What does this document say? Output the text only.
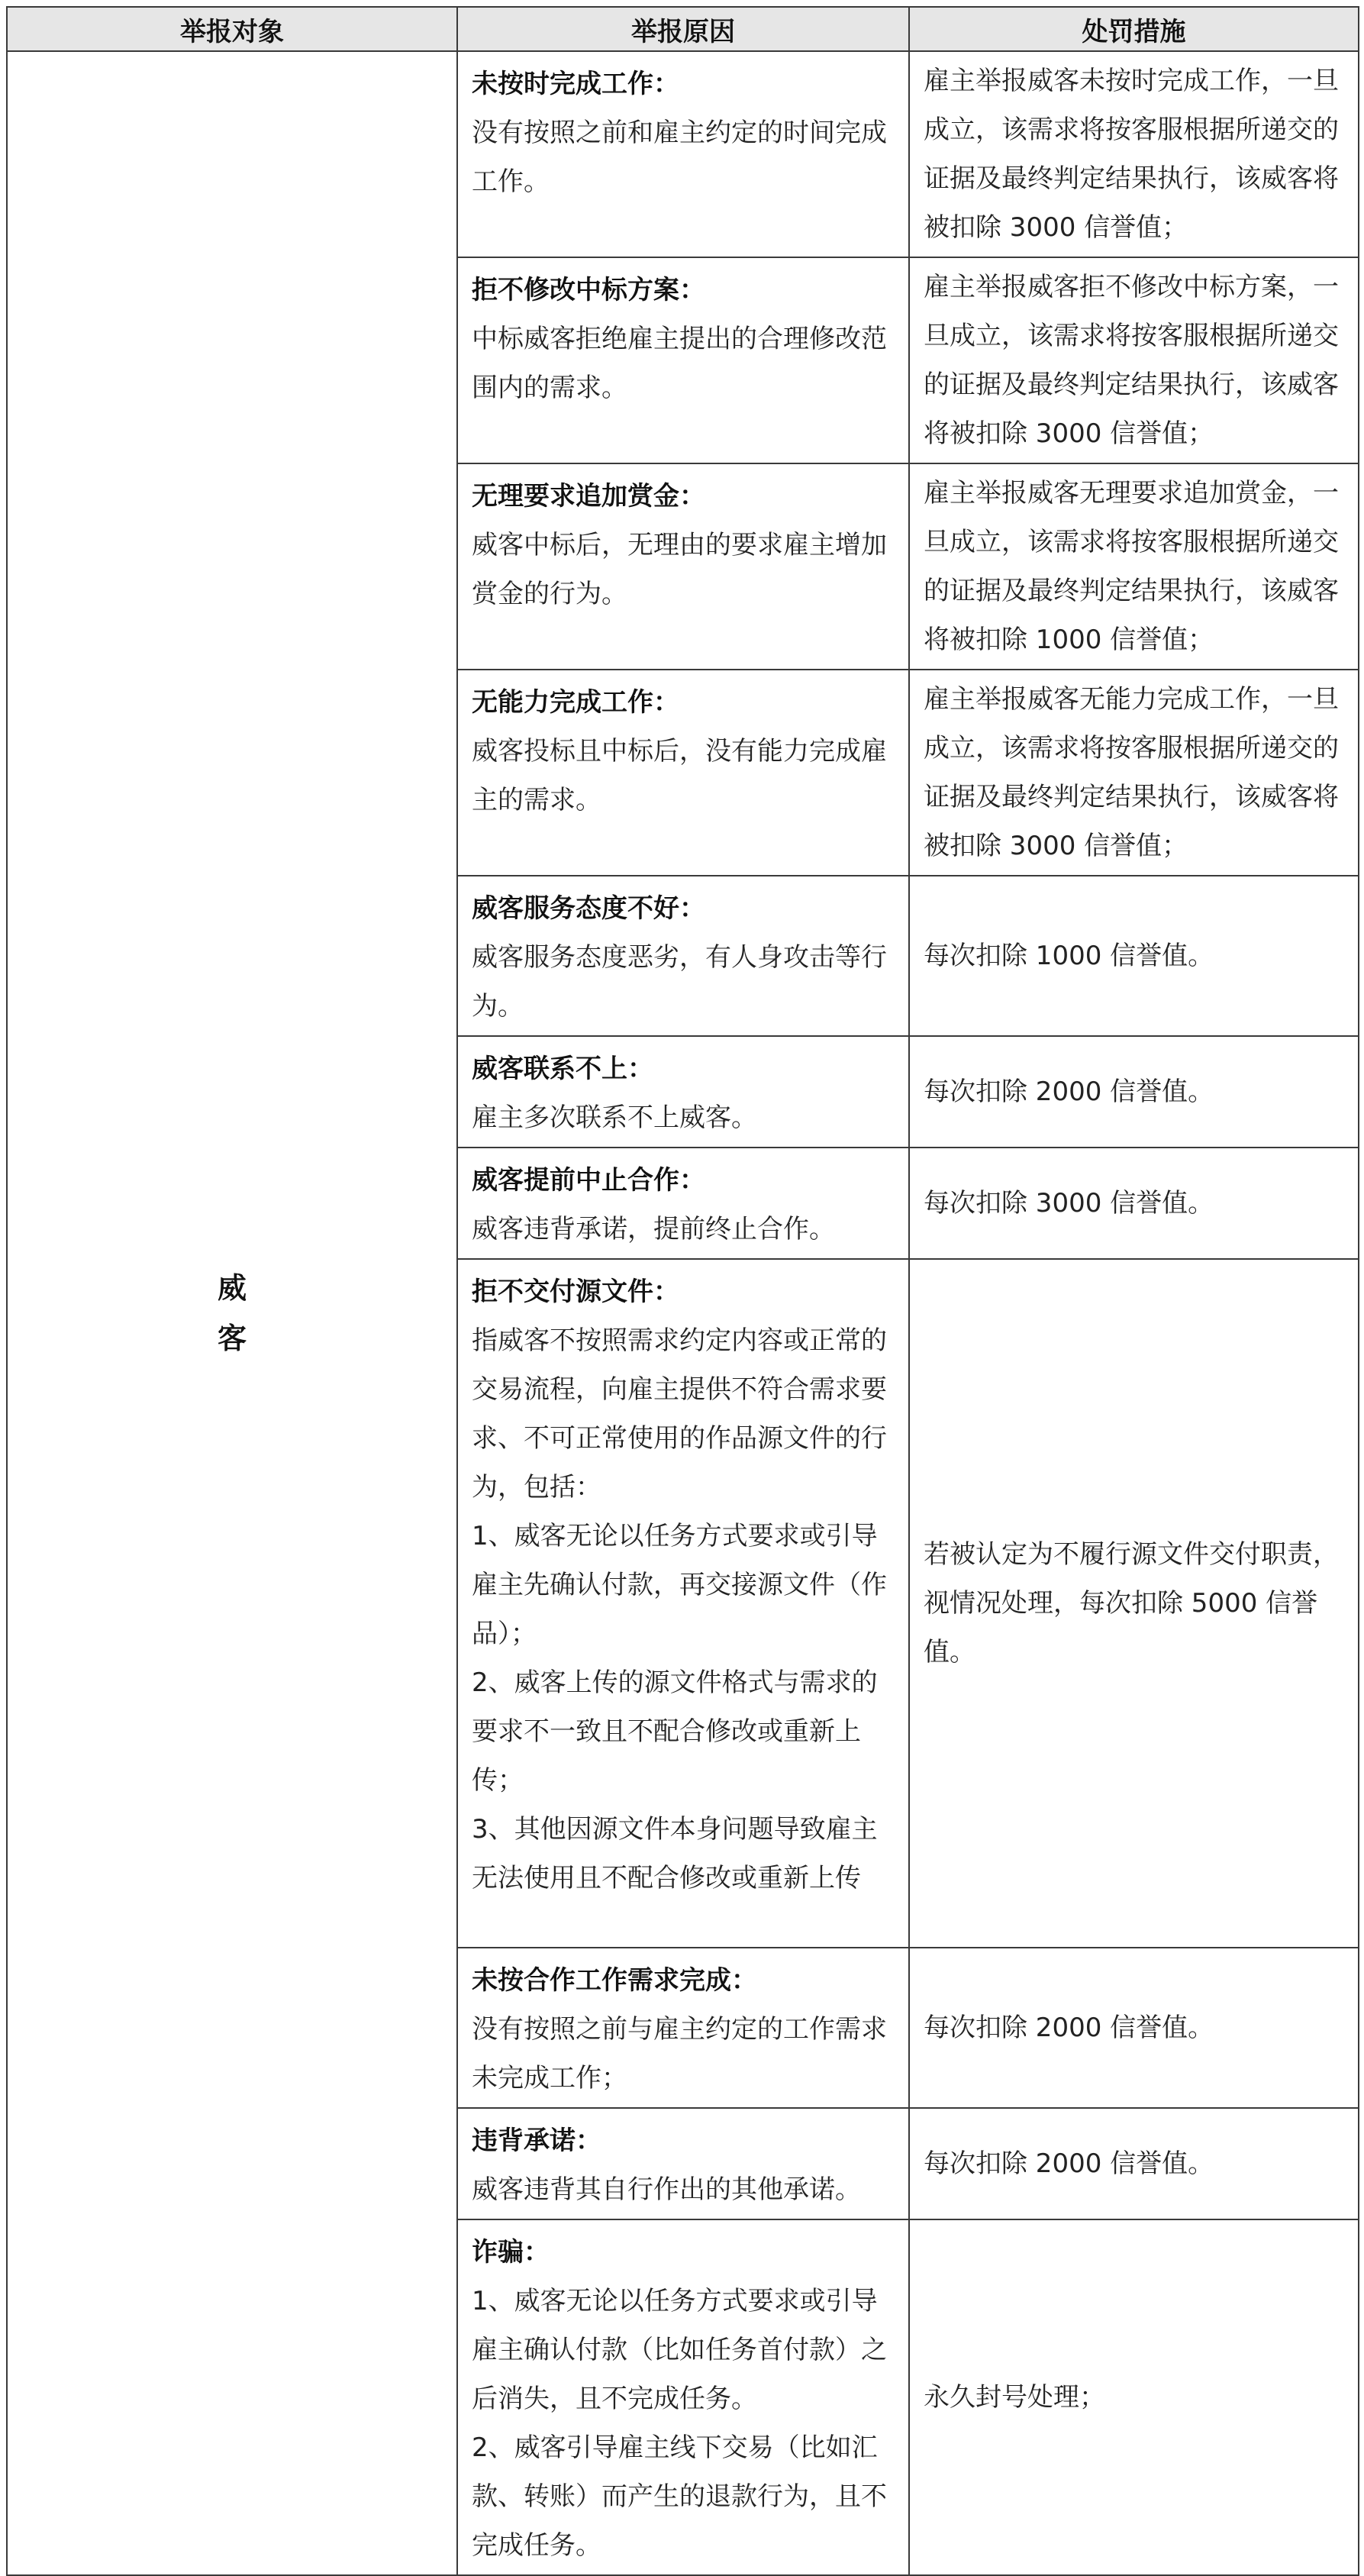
举报对象	举报原因	处罚措施

威
客	未按时完成工作：
没有按照之前和雇主约定的时间完成工作。	雇主举报威客未按时完成工作，一旦成立，该需求将按客服根据所递交的证据及最终判定结果执行，该威客将被扣除 3000 信誉值；

	拒不修改中标方案：
中标威客拒绝雇主提出的合理修改范围内的需求。	雇主举报威客拒不修改中标方案，一旦成立，该需求将按客服根据所递交的证据及最终判定结果执行，该威客将被扣除 3000 信誉值；

	无理要求追加赏金：
威客中标后，无理由的要求雇主增加赏金的行为。	雇主举报威客无理要求追加赏金，一旦成立，该需求将按客服根据所递交的证据及最终判定结果执行，该威客将被扣除 1000 信誉值；

	无能力完成工作：
威客投标且中标后，没有能力完成雇主的需求。	雇主举报威客无能力完成工作，一旦成立，该需求将按客服根据所递交的证据及最终判定结果执行，该威客将被扣除 3000 信誉值；

	威客服务态度不好：
威客服务态度恶劣，有人身攻击等行为。	每次扣除 1000 信誉值。

	威客联系不上：
雇主多次联系不上威客。	每次扣除 2000 信誉值。

	威客提前中止合作：
威客违背承诺，提前终止合作。	每次扣除 3000 信誉值。

	拒不交付源文件：
指威客不按照需求约定内容或正常的交易流程，向雇主提供不符合需求要求、不可正常使用的作品源文件的行为，包括：
1、威客无论以任务方式要求或引导雇主先确认付款，再交接源文件（作品）；
2、威客上传的源文件格式与需求的要求不一致且不配合修改或重新上传；
3、其他因源文件本身问题导致雇主无法使用且不配合修改或重新上传	若被认定为不履行源文件交付职责，视情况处理，每次扣除 5000 信誉值。

	未按合作工作需求完成：
没有按照之前与雇主约定的工作需求未完成工作；	每次扣除 2000 信誉值。

	违背承诺：
威客违背其自行作出的其他承诺。	每次扣除 2000 信誉值。

	诈骗：
1、威客无论以任务方式要求或引导雇主确认付款（比如任务首付款）之后消失，且不完成任务。
2、威客引导雇主线下交易（比如汇款、转账）而产生的退款行为，且不完成任务。	永久封号处理；
